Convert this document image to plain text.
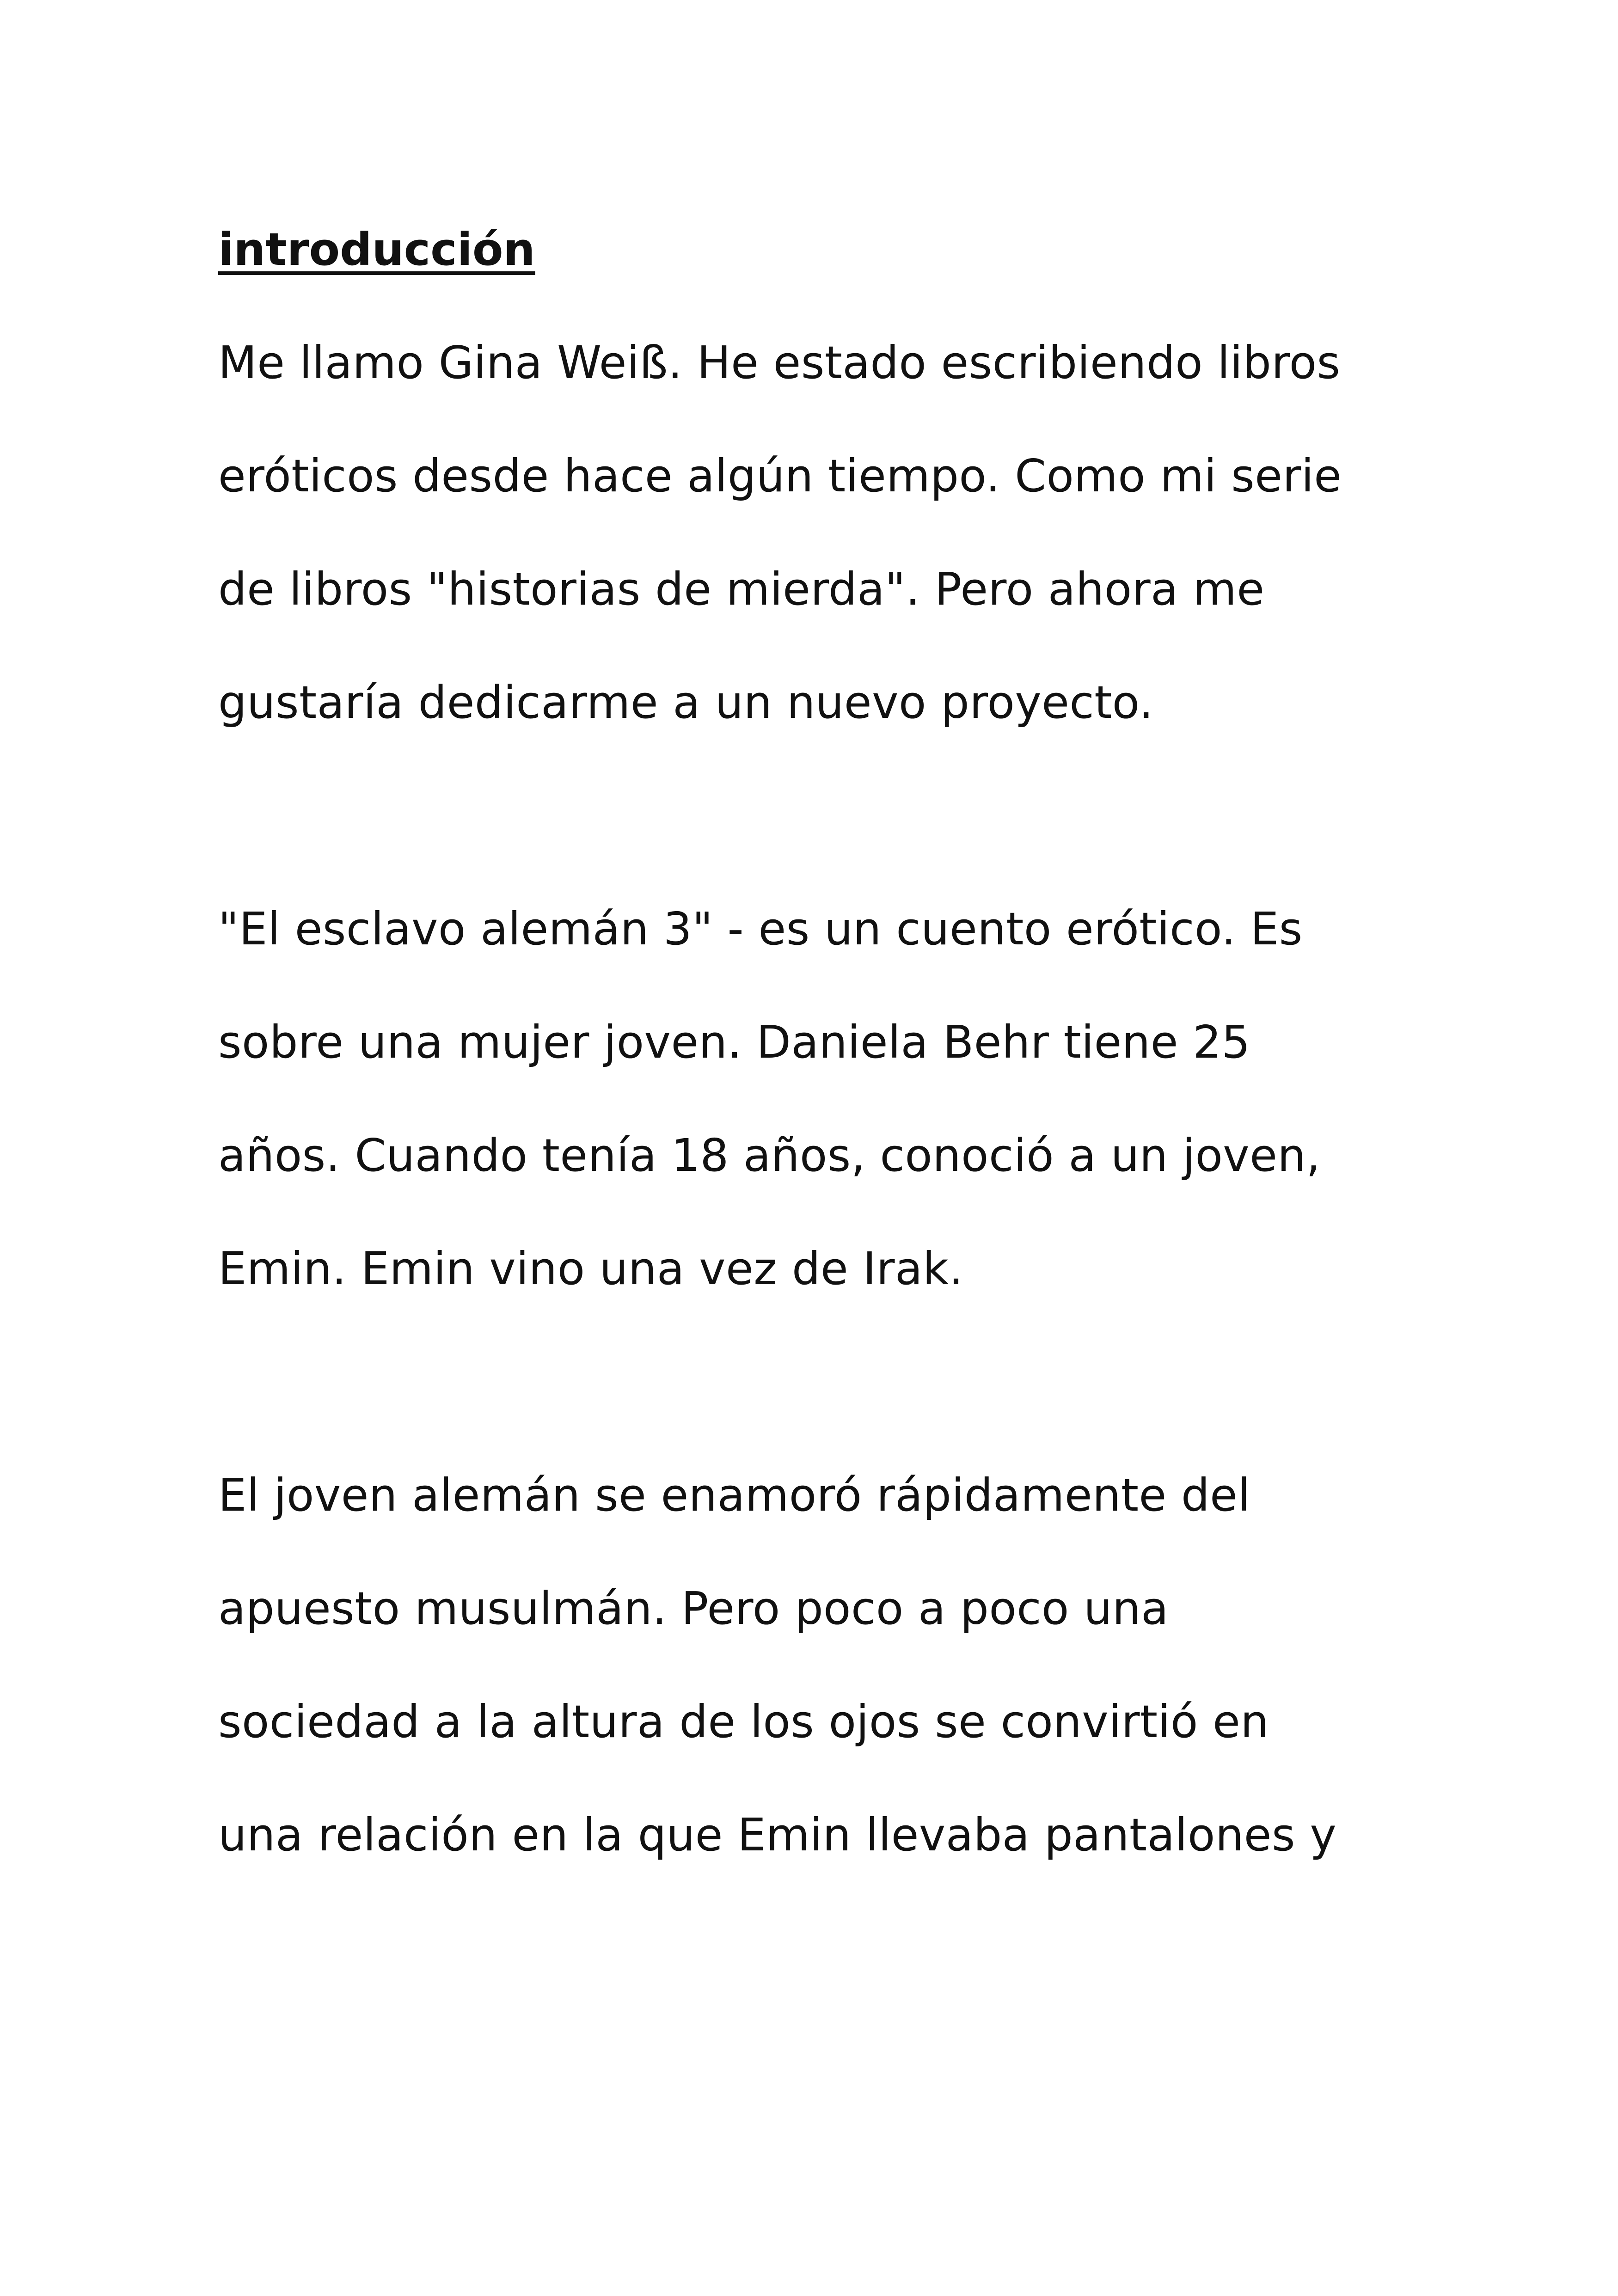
introducción

Me llamo Gina Weiß. He estado escribiendo libros

eróticos desde hace algún tiempo. Como mi serie

de libros "historias de mierda". Pero ahora me

gustaría dedicarme a un nuevo proyecto.

"El esclavo alemán 3" - es un cuento erótico. Es

sobre una mujer joven. Daniela Behr tiene 25

años. Cuando tenía 18 años, conoció a un joven,

Emin. Emin vino una vez de Irak.

El joven alemán se enamoró rápidamente del

apuesto musulmán. Pero poco a poco una

sociedad a la altura de los ojos se convirtió en

una relación en la que Emin llevaba pantalones y
